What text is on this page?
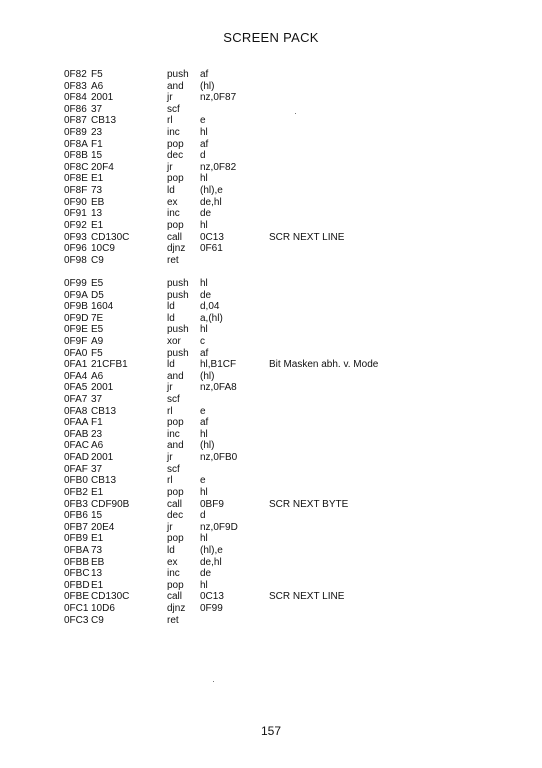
SCREEN PACK
0F82 F5	push af
0F83 A6	and (hl)
0F84 2001	jr	nz,0F87
0F86 37	scf
0F87 CB13	rl	e
0F89 23	inc hl
0F8A F1	pop af
0F8B 15	dec d
0F8C 20F4	jr	nz,0F82
0F8E E1	pop hl
0F8F 73	ld	(hl),e
0F90 EB	ex de,hl
0F91 13	inc de
0F92 E1	pop hl
0F93 CD130C	call 0C13	SCR NEXT LINE
0F96 10C9	djnz 0F61
0F98 C9	ret
0F99 E5	push hl
0F9A D5	push de
0F9B 1604	ld	d,04
0F9D 7E	ld	a,(hl)
0F9E E5	push hl
0F9F A9	xor c
0FA0 F5	push af
0FA1 21CFB1	ld	hl,B1CF	Bit Masken abh. v. Mode
0FA4 A6	and (hl)
0FA5 2001	jr	nz,0FA8
0FA7 37	scf
0FA8 CB13	rl	e
0FAA F1	pop af
0FAB 23	inc hl
0FAC A6	and (hl)
0FAD 2001	jr	nz,0FB0
0FAF 37	scf
0FB0 CB13	rl	e
0FB2 E1	pop hl
0FB3 CDF90B	call 0BF9	SCR NEXT BYTE
0FB6 15	dec d
0FB7 20E4	jr	nz,0F9D
0FB9 E1	pop hl
0FBA 73	ld	(hl),e
0FBB EB	ex de,hl
0FBC 13	inc de
0FBD E1	pop hl
0FBE CD130C	call 0C13	SCR NEXT LINE
0FC1 10D6	djnz 0F99
0FC3 C9	ret
157
